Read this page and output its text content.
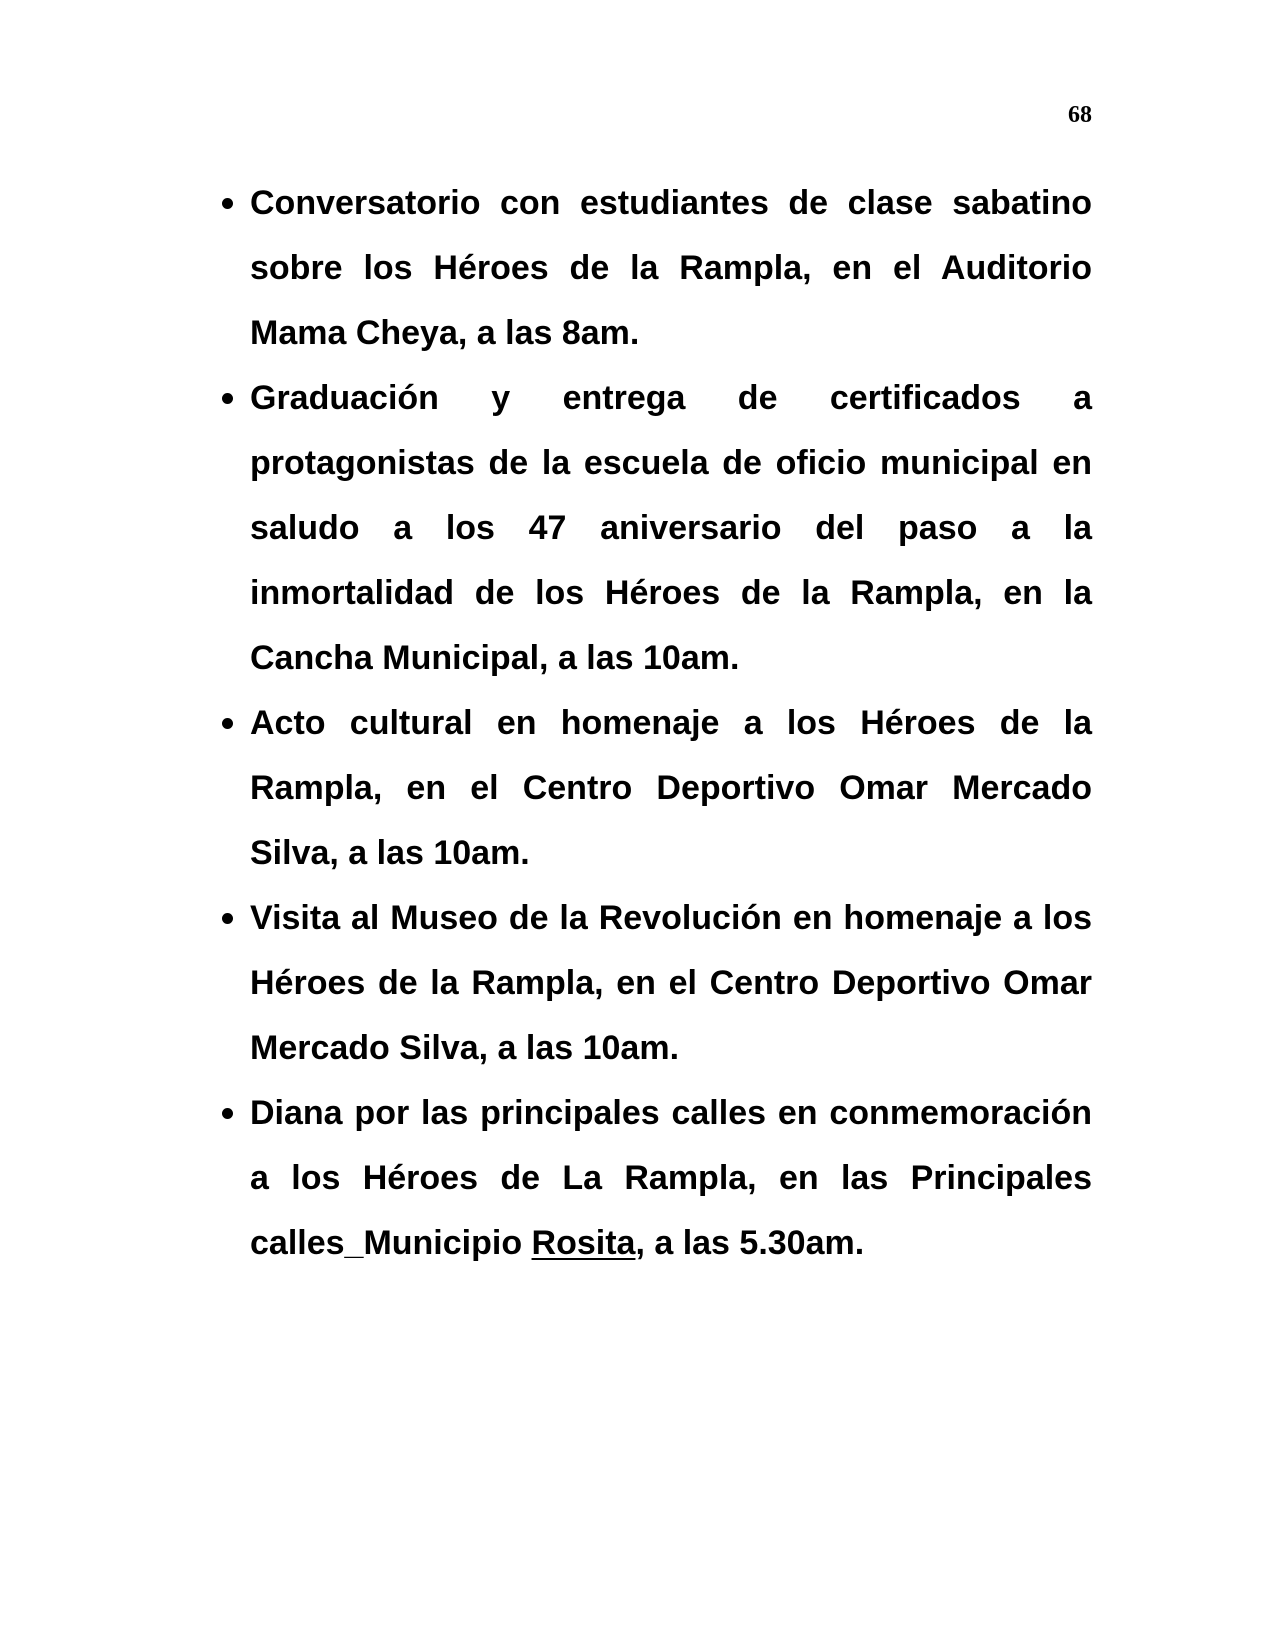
68
Conversatorio con estudiantes de clase sabatino sobre los Héroes de la Rampla, en el Auditorio Mama Cheya, a las 8am.
Graduación y entrega de certificados a protagonistas de la escuela de oficio municipal en saludo a los 47 aniversario del paso a la inmortalidad de los Héroes de la Rampla, en la Cancha Municipal, a las 10am.
Acto cultural en homenaje a los Héroes de la Rampla, en el Centro Deportivo Omar Mercado Silva, a las 10am.
Visita al Museo de la Revolución en homenaje a los Héroes de la Rampla, en el Centro Deportivo Omar Mercado Silva, a las 10am.
Diana por las principales calles en conmemoración a los Héroes de La Rampla, en las Principales calles_Municipio Rosita, a las 5.30am.
